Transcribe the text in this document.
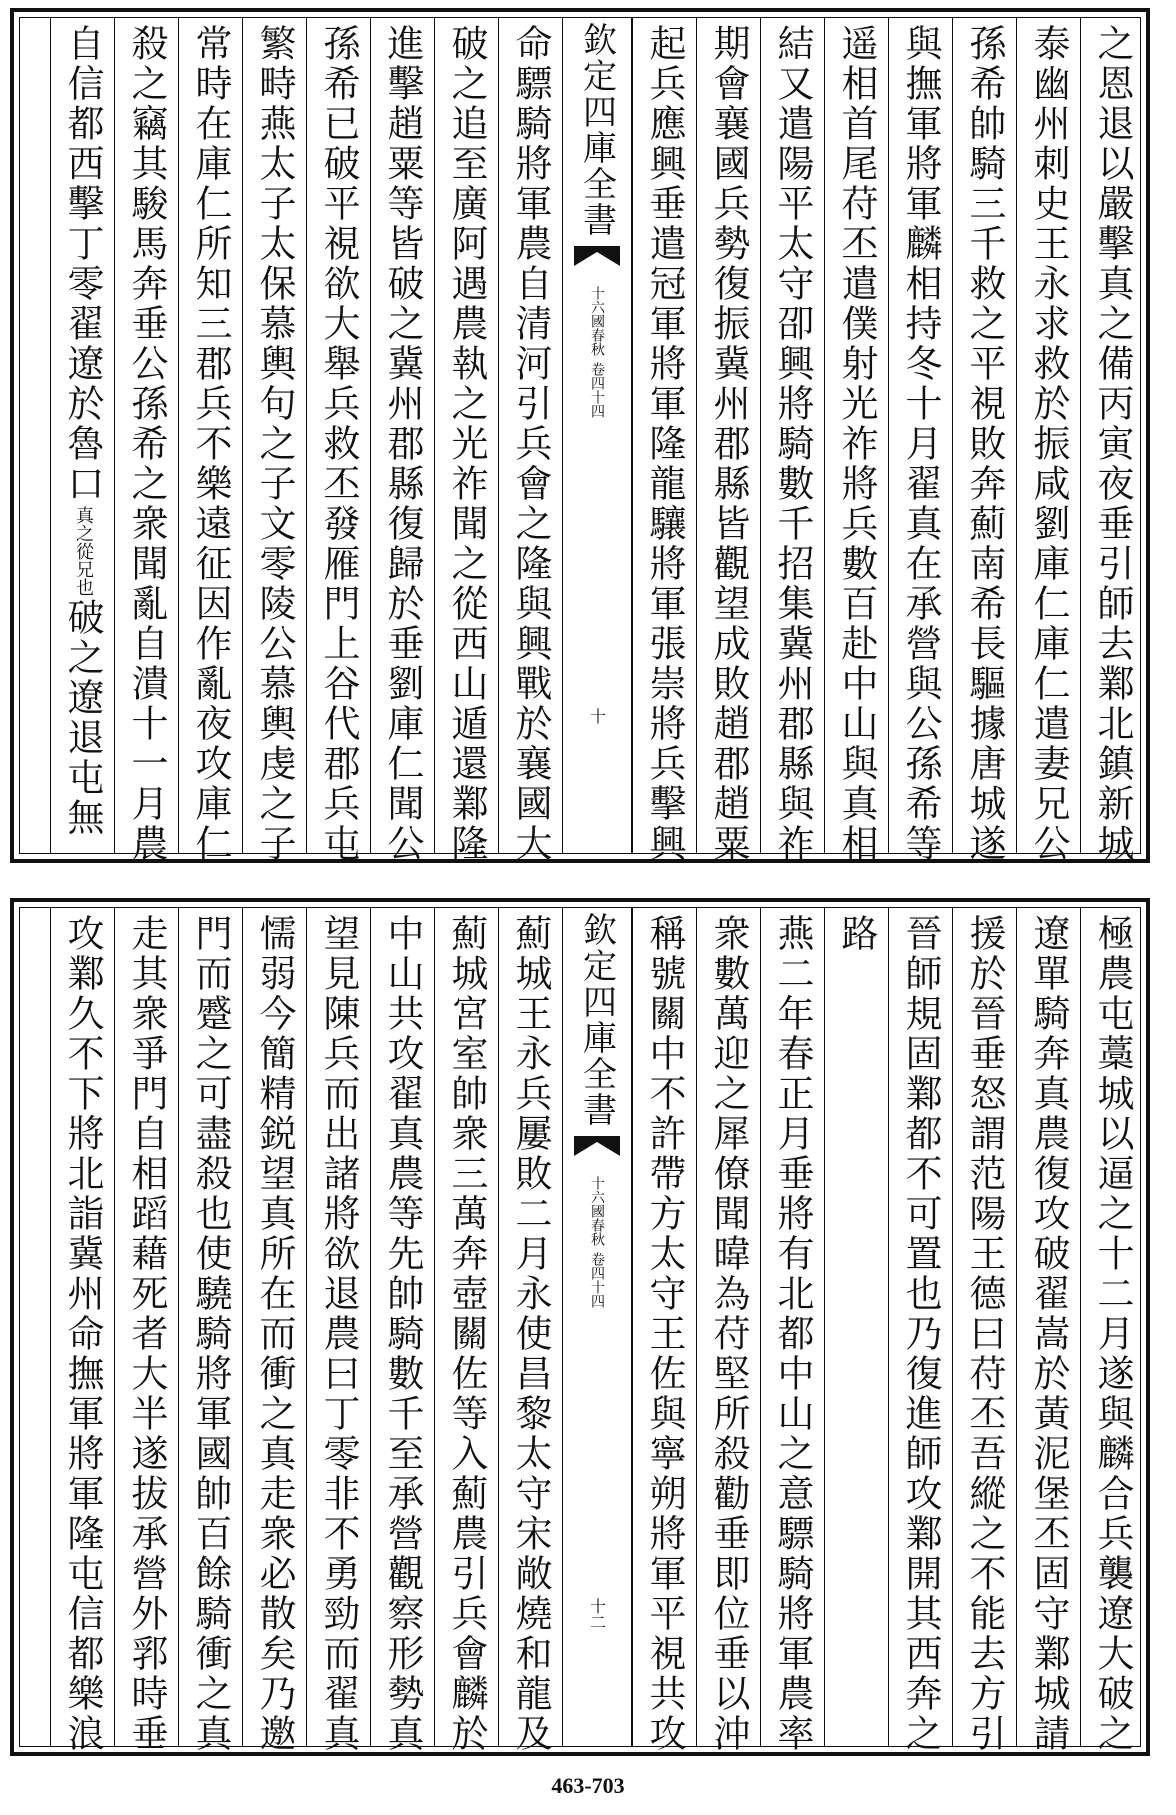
之恩退以嚴擊真之備丙寅夜垂引師去鄴北鎮新城
泰幽州刺史王永求救於振咸劉庫仁庫仁遣妻兄公
孫希帥騎三千救之平視敗奔薊南希長驅據唐城遂
與撫軍將軍麟相持冬十月翟真在承營與公孫希等
遥相首尾苻丕遣僕射光祚將兵數百赴中山與真相
結又遣陽平太守卲興將騎數千招集冀州郡縣與祚
期會襄國兵勢復振冀州郡縣皆觀望成敗趙郡趙粟
起兵應興垂遣冠軍將軍隆龍驤將軍張崇將兵擊興
欽定四庫全書
十六國春秋
卷四十四
十
命驃騎將軍農自清河引兵會之隆與興戰於襄國大
破之追至廣阿遇農執之光祚聞之從西山遁還鄴隆
進擊趙粟等皆破之冀州郡縣復歸於垂劉庫仁聞公
孫希已破平視欲大舉兵救丕發雁門上谷代郡兵屯
繁畤燕太子太保慕輿句之子文零陵公慕輿虔之子
常時在庫仁所知三郡兵不樂遠征因作亂夜攻庫仁
殺之竊其駿馬奔垂公孫希之衆聞亂自潰十一月農
自信都西擊丁零翟遼於魯口
真之從兄也
破之遼退屯無
極農屯藁城以逼之十二月遂與麟合兵襲遼大破之
遼單騎奔真農復攻破翟嵩於黃泥堡丕固守鄴城請
援於晉垂怒謂范陽王德曰苻丕吾縱之不能去方引
晉師規固鄴都不可置也乃復進師攻鄴開其西奔之
路
燕二年春正月垂將有北都中山之意驃騎將軍農率
衆數萬迎之犀僚聞暐為苻堅所殺勸垂即位垂以沖
稱號關中不許帶方太守王佐與寧朔將軍平視共攻
欽定四庫全書
十六國春秋
卷四十四
十二
薊城王永兵屢敗二月永使昌黎太守宋敞燒和龍及
薊城宮室帥衆三萬奔壺關佐等入薊農引兵會麟於
中山共攻翟真農等先帥騎數千至承營觀察形勢真
望見陳兵而出諸將欲退農曰丁零非不勇勁而翟真
懦弱今簡精鋭望真所在而衝之真走衆必散矣乃邀
門而蹙之可盡殺也使驍騎將軍國帥百餘騎衝之真
走其衆爭門自相蹈藉死者大半遂拔承營外郛時垂
攻鄴久不下將北詣冀州命撫軍將軍隆屯信都樂浪
463-703
